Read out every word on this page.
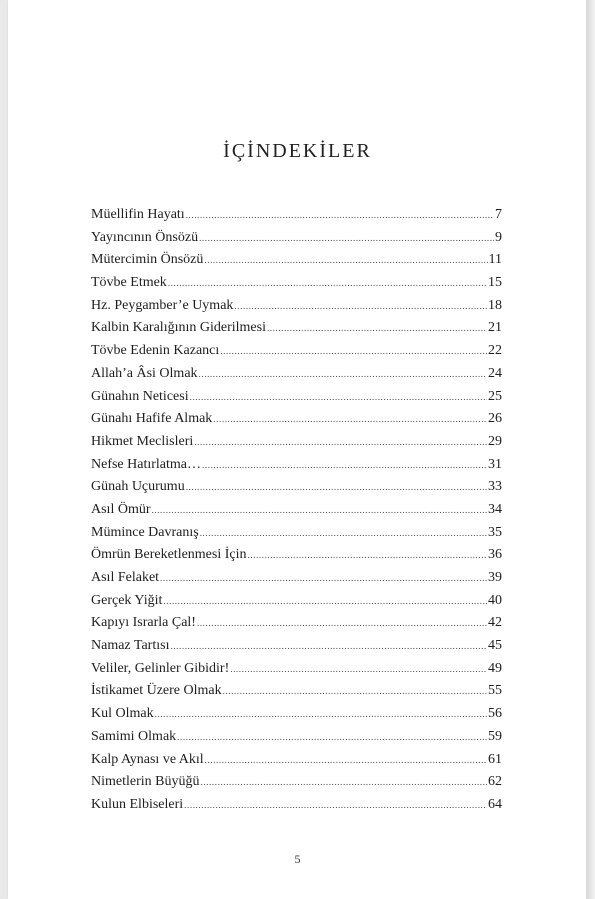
İÇİNDEKİLER
Müellifin Hayatı .....	7
Yayıncının Önsözü .....	9
Mütercimin Önsözü .....	11
Tövbe Etmek .....	15
Hz. Peygamber’e Uymak .....	18
Kalbin Karalığının Giderilmesi .....	21
Tövbe Edenin Kazancı .....	22
Allah’a Âsi Olmak .....	24
Günahın Neticesi .....	25
Günahı Hafife Almak .....	26
Hikmet Meclisleri .....	29
Nefse Hatırlatma… .....	31
Günah Uçurumu .....	33
Asıl Ömür .....	34
Mümince Davranış .....	35
Ömrün Bereketlenmesi İçin .....	36
Asıl Felaket .....	39
Gerçek Yiğit .....	40
Kapıyı Israrla Çal! .....	42
Namaz Tartısı .....	45
Veliler, Gelinler Gibidir! .....	49
İstikamet Üzere Olmak .....	55
Kul Olmak .....	56
Samimi Olmak .....	59
Kalp Aynası ve Akıl .....	61
Nimetlerin Büyüğü .....	62
Kulun Elbiseleri .....	64
5
